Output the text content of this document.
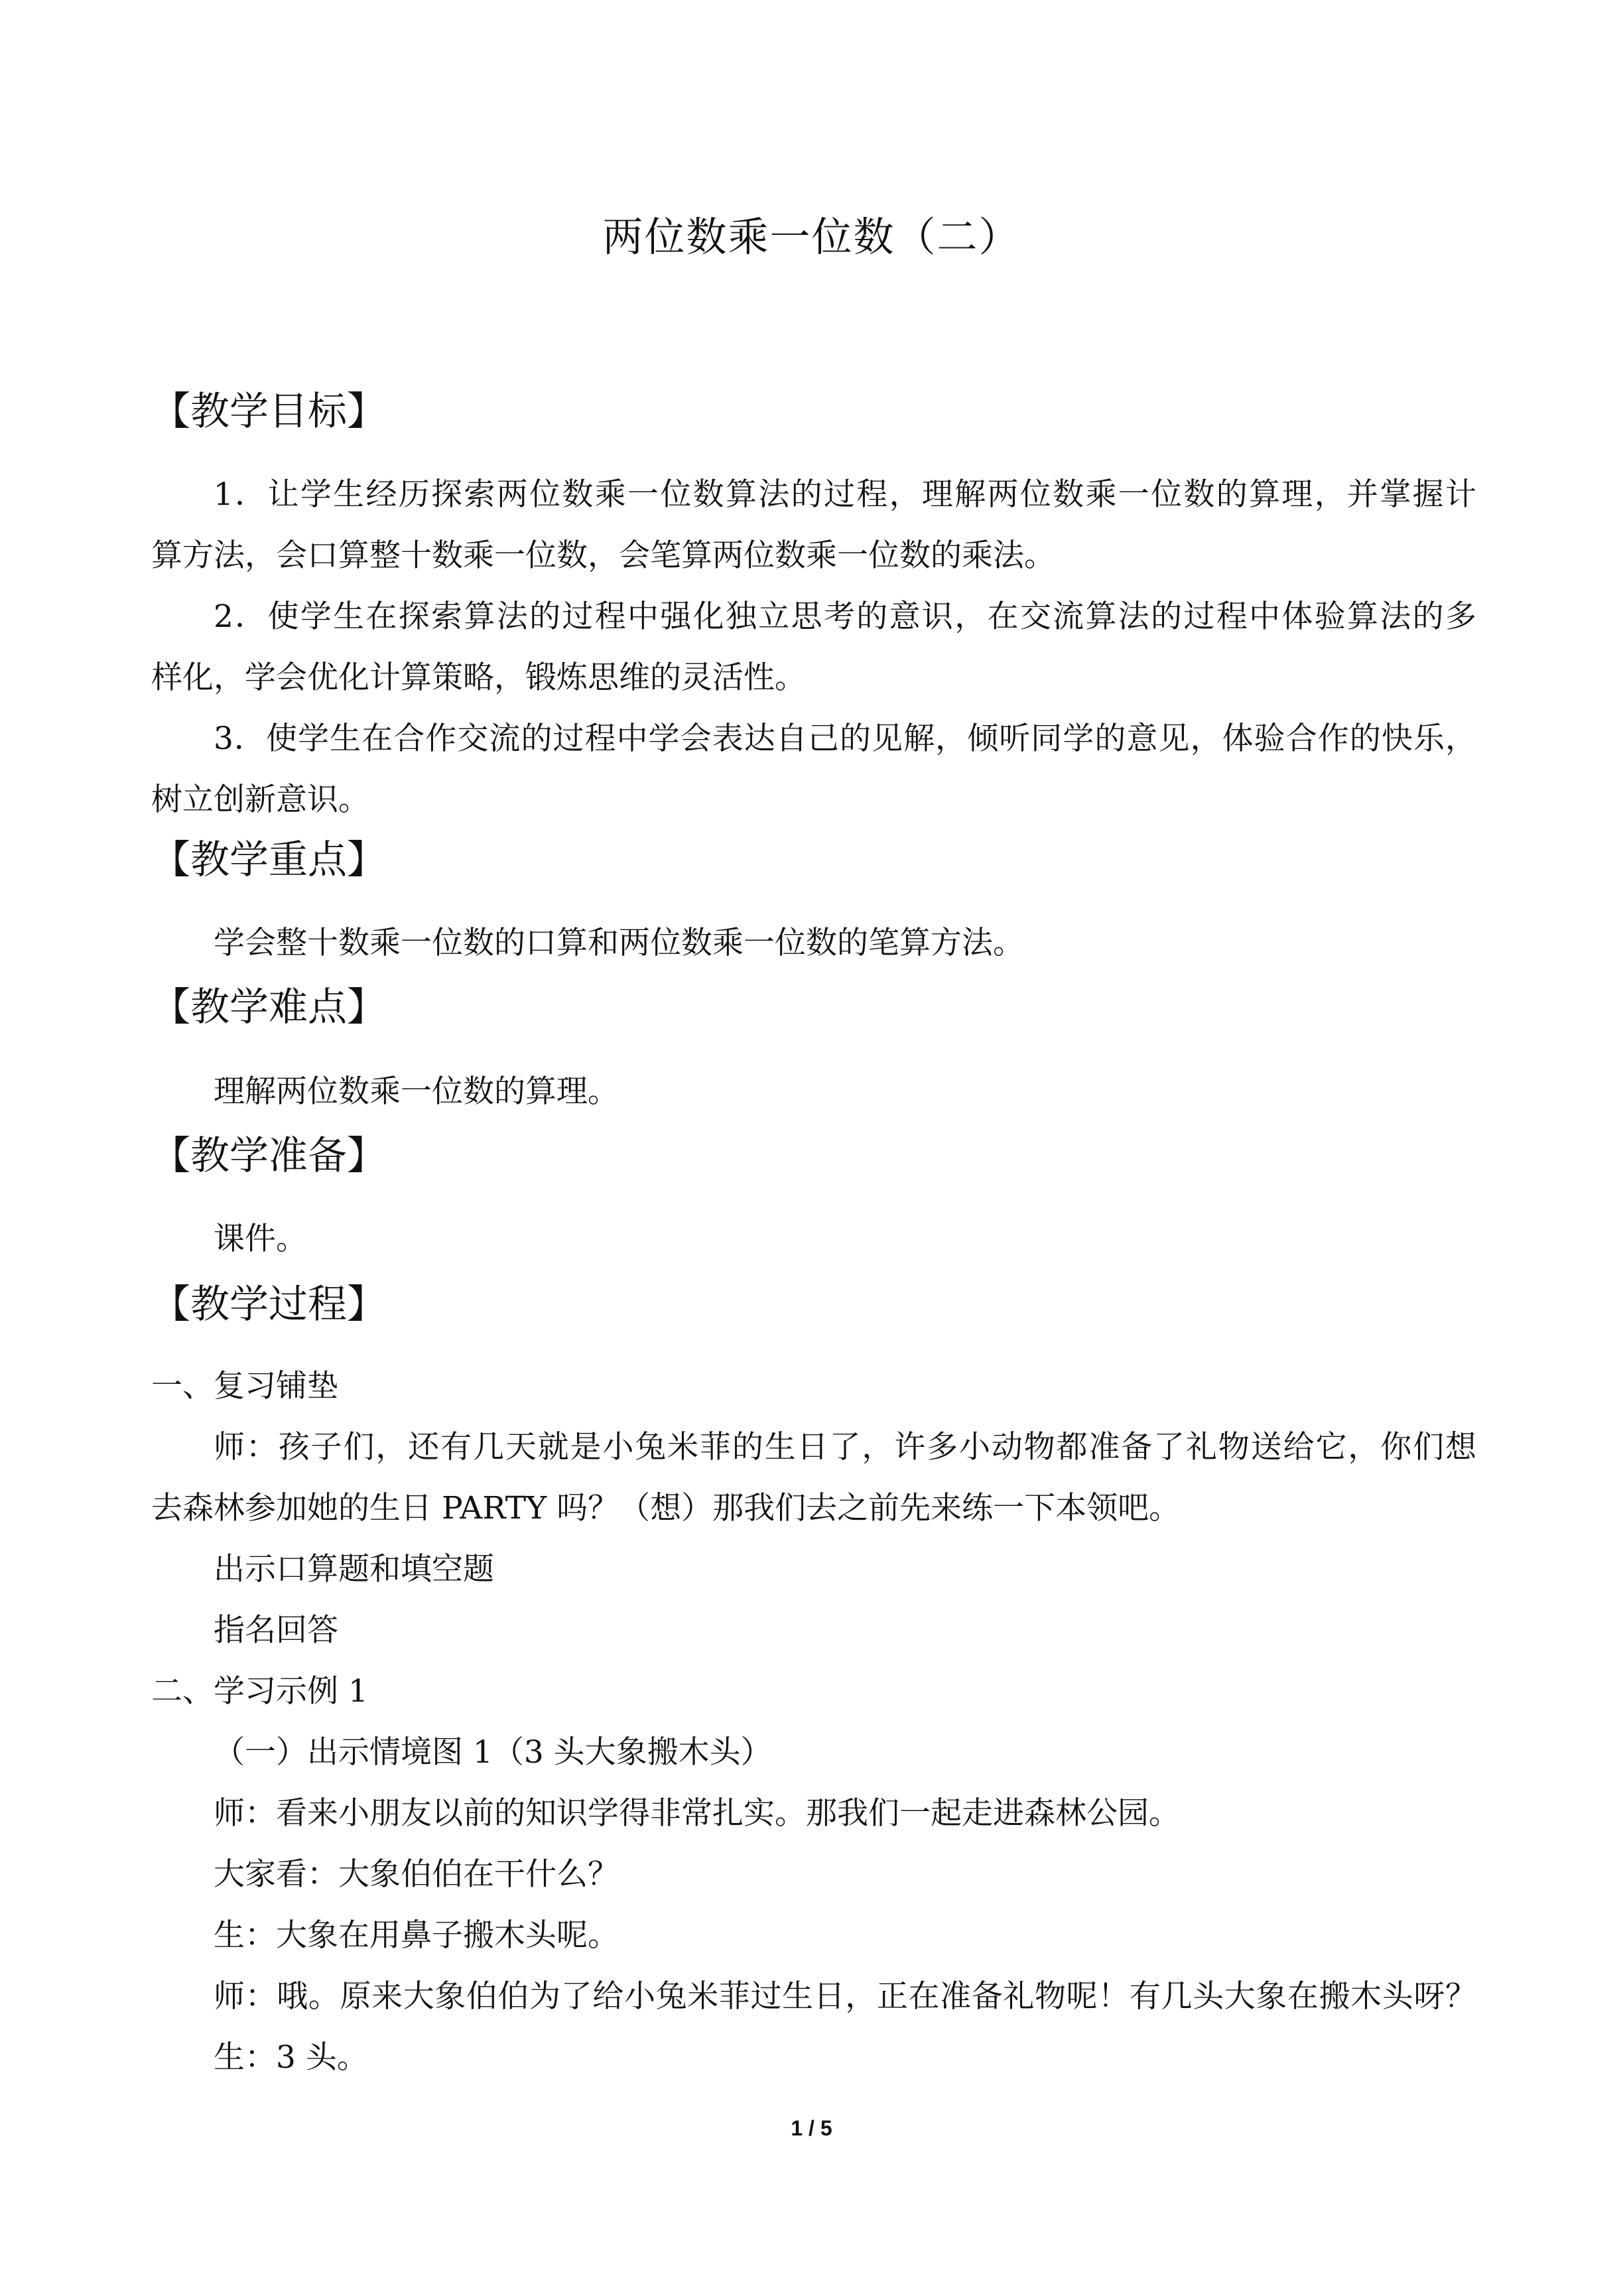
两位数乘一位数（二）
【教学目标】
1．让学生经历探索两位数乘一位数算法的过程，理解两位数乘一位数的算理，并掌握计
算方法，会口算整十数乘一位数，会笔算两位数乘一位数的乘法。
2．使学生在探索算法的过程中强化独立思考的意识，在交流算法的过程中体验算法的多
样化，学会优化计算策略，锻炼思维的灵活性。
3．使学生在合作交流的过程中学会表达自己的见解，倾听同学的意见，体验合作的快乐，
树立创新意识。
【教学重点】
学会整十数乘一位数的口算和两位数乘一位数的笔算方法。
【教学难点】
理解两位数乘一位数的算理。
【教学准备】
课件。
【教学过程】
一、复习铺垫
师：孩子们，还有几天就是小兔米菲的生日了，许多小动物都准备了礼物送给它，你们想
去森林参加她的生日 PARTY 吗？（想）那我们去之前先来练一下本领吧。
出示口算题和填空题
指名回答
二、学习示例 1
（一）出示情境图 1（3 头大象搬木头）
师：看来小朋友以前的知识学得非常扎实。那我们一起走进森林公园。
大家看：大象伯伯在干什么？
生：大象在用鼻子搬木头呢。
师：哦。原来大象伯伯为了给小兔米菲过生日，正在准备礼物呢！有几头大象在搬木头呀？
生：3 头。
1 / 5
